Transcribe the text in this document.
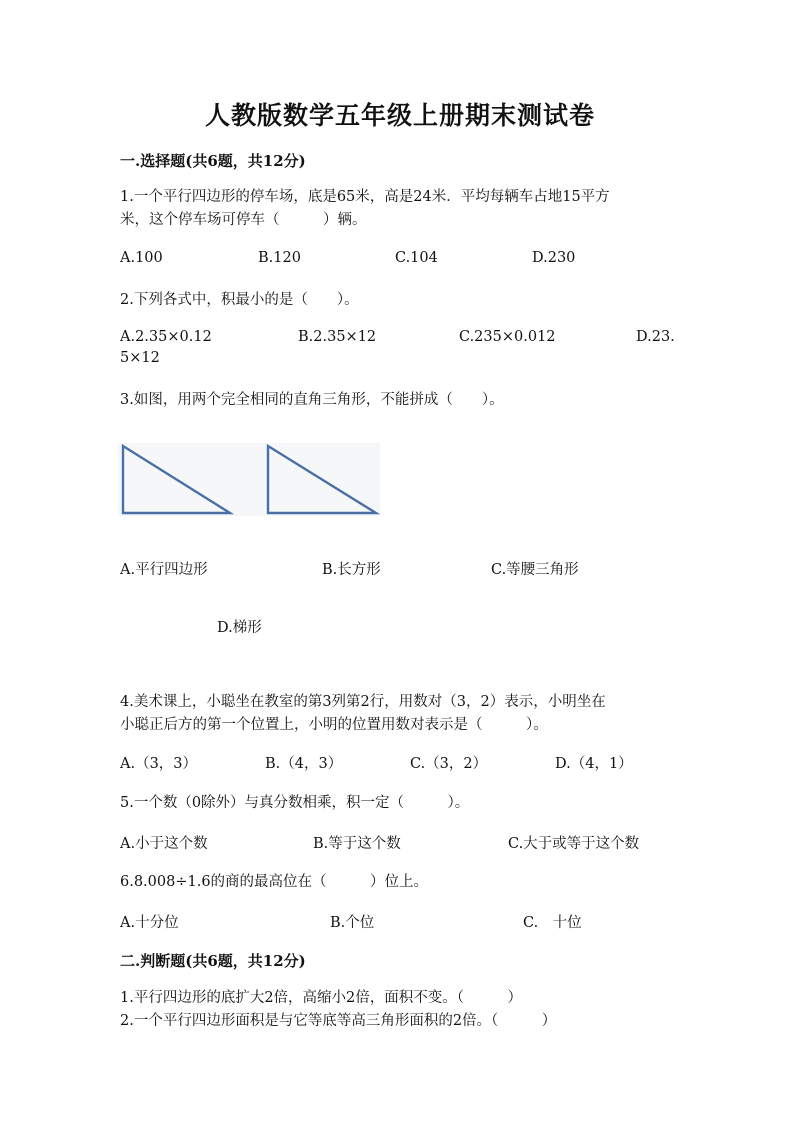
人教版数学五年级上册期末测试卷
一.选择题(共6题，共12分)
1.一个平行四边形的停车场，底是65米，高是24米．平均每辆车占地15平方
米，这个停车场可停车（　　　）辆。
A.100	B.120	C.104	D.230
2.下列各式中，积最小的是（　　）。
A.2.35×0.12	B.2.35×12	C.235×0.012	D.23.
5×12
3.如图，用两个完全相同的直角三角形，不能拼成（　　）。
A.平行四边形	B.长方形	C.等腰三角形
D.梯形
4.美术课上，小聪坐在教室的第3列第2行，用数对（3，2）表示，小明坐在
小聪正后方的第一个位置上，小明的位置用数对表示是（　　　）。
A.（3，3）	B.（4，3）	C.（3，2）	D.（4，1）
5.一个数（0除外）与真分数相乘，积一定（　　　）。
A.小于这个数	B.等于这个数	C.大于或等于这个数
6.8.008÷1.6的商的最高位在（　　　）位上。
A.十分位	B.个位	C.　十位
二.判断题(共6题，共12分)
1.平行四边形的底扩大2倍，高缩小2倍，面积不变。（　　　）
2.一个平行四边形面积是与它等底等高三角形面积的2倍。（　　　）
